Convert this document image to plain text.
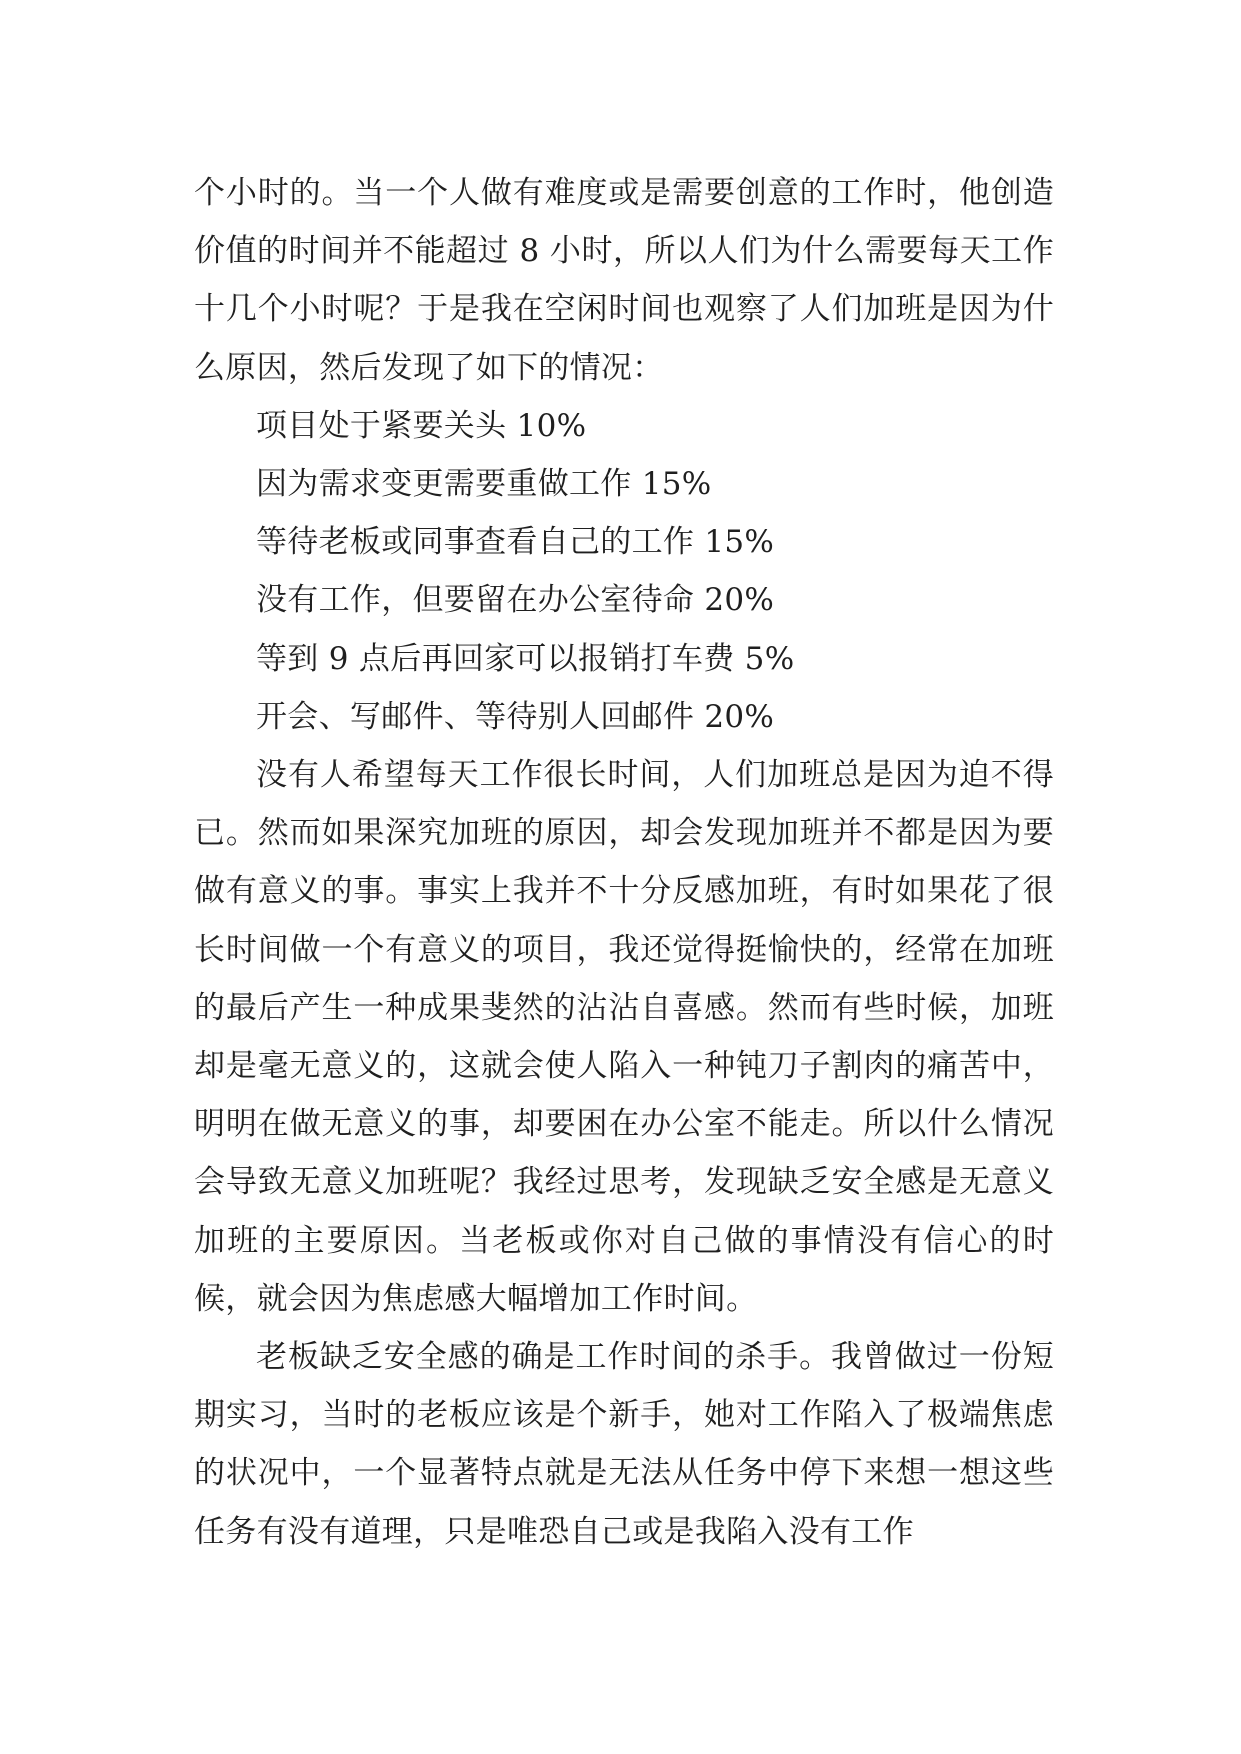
个小时的。当一个人做有难度或是需要创意的工作时，他创造价值的时间并不能超过 8 小时，所以人们为什么需要每天工作十几个小时呢？于是我在空闲时间也观察了人们加班是因为什么原因，然后发现了如下的情况：

项目处于紧要关头 10%
因为需求变更需要重做工作 15%
等待老板或同事查看自己的工作 15%
没有工作，但要留在办公室待命 20%
等到 9 点后再回家可以报销打车费 5%
开会、写邮件、等待别人回邮件 20%

没有人希望每天工作很长时间，人们加班总是因为迫不得已。然而如果深究加班的原因，却会发现加班并不都是因为要做有意义的事。事实上我并不十分反感加班，有时如果花了很长时间做一个有意义的项目，我还觉得挺愉快的，经常在加班的最后产生一种成果斐然的沾沾自喜感。然而有些时候，加班却是毫无意义的，这就会使人陷入一种钝刀子割肉的痛苦中，明明在做无意义的事，却要困在办公室不能走。所以什么情况会导致无意义加班呢？我经过思考，发现缺乏安全感是无意义加班的主要原因。当老板或你对自己做的事情没有信心的时候，就会因为焦虑感大幅增加工作时间。

老板缺乏安全感的确是工作时间的杀手。我曾做过一份短期实习，当时的老板应该是个新手，她对工作陷入了极端焦虑的状况中，一个显著特点就是无法从任务中停下来想一想这些任务有没有道理，只是唯恐自己或是我陷入没有工作
